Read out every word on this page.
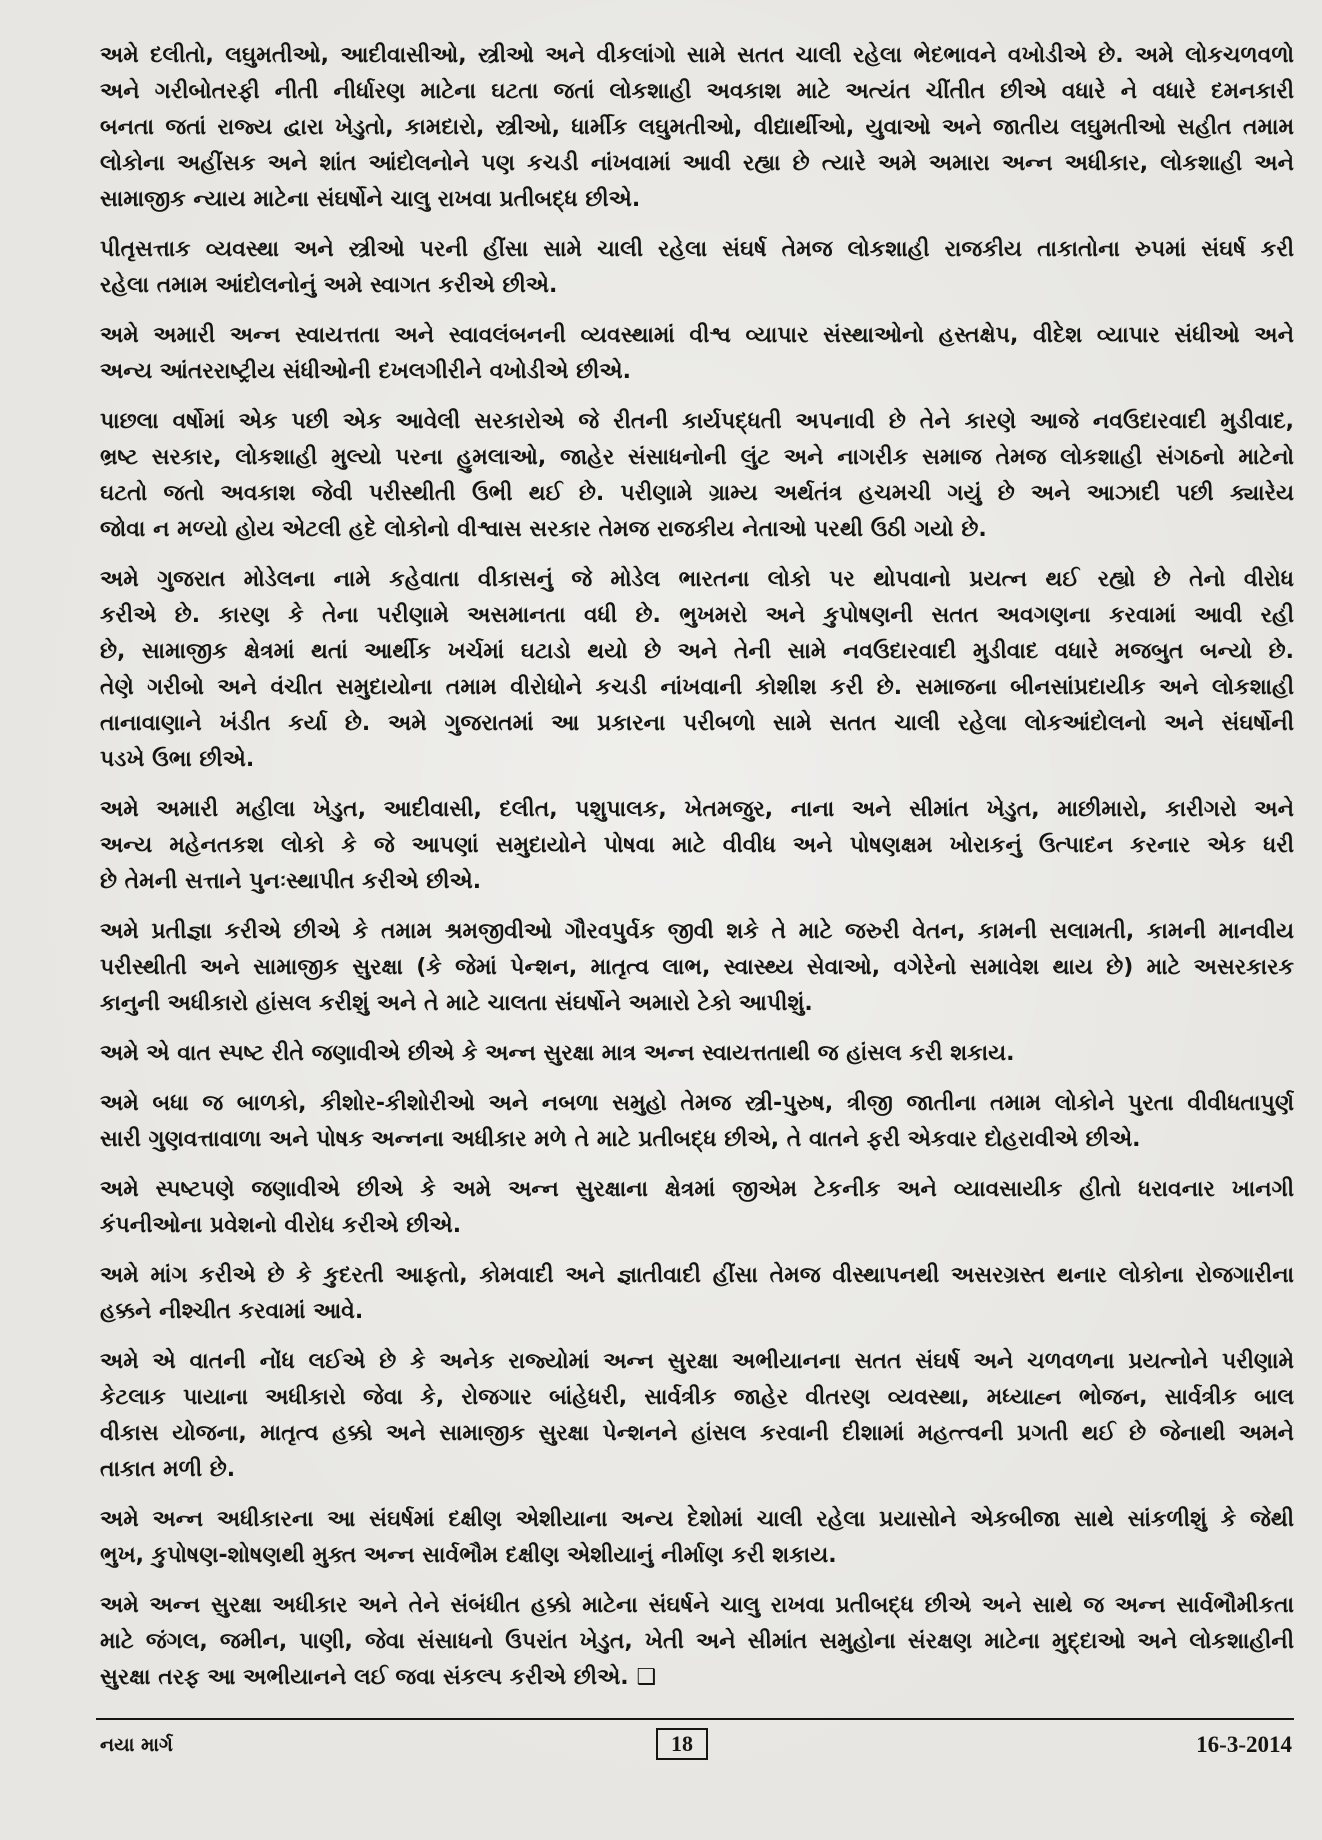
અમે દલીતો, લઘુમતીઓ, આદીવાસીઓ, સ્ત્રીઓ અને વીકલાંગો સામે સતત ચાલી રહેલા ભેદભાવને વખોડીએ છે. અમે લોકચળવળો
અને ગરીબોતરફી નીતી નીર્ધારણ માટેના ઘટતા જતાં લોકશાહી અવકાશ માટે અત્યંત ચીંતીત છીએ વધારે ને વધારે દમનકારી
બનતા જતાં રાજ્ય દ્વારા ખેડુતો, કામદારો, સ્ત્રીઓ, ધાર્મીક લઘુમતીઓ, વીદ્યાર્થીઓ, યુવાઓ અને જાતીય લઘુમતીઓ સહીત તમામ
લોકોના અહીંસક અને શાંત આંદોલનોને પણ કચડી નાંખવામાં આવી રહ્યા છે ત્યારે અમે અમારા અન્ન અધીકાર, લોકશાહી અને
સામાજીક ન્યાય માટેના સંઘર્ષોને ચાલુ રાખવા પ્રતીબદ્ધ છીએ.
પીતૃસત્તાક વ્યવસ્થા અને સ્ત્રીઓ પરની હીંસા સામે ચાલી રહેલા સંઘર્ષ તેમજ લોકશાહી રાજકીય તાકાતોના રુપમાં સંઘર્ષ કરી
રહેલા તમામ આંદોલનોનું અમે સ્વાગત કરીએ છીએ.
અમે અમારી અન્ન સ્વાયત્તતા અને સ્વાવલંબનની વ્યવસ્થામાં વીશ્વ વ્યાપાર સંસ્થાઓનો હસ્તક્ષેપ, વીદેશ વ્યાપાર સંધીઓ અને
અન્ય આંતરરાષ્ટ્રીય સંધીઓની દખલગીરીને વખોડીએ છીએ.
પાછલા વર્ષોમાં એક પછી એક આવેલી સરકારોએ જે રીતની કાર્યપદ્ધતી અપનાવી છે તેને કારણે આજે નવઉદારવાદી મુડીવાદ,
ભ્રષ્ટ સરકાર, લોકશાહી મુલ્યો પરના હુમલાઓ, જાહેર સંસાધનોની લુંટ અને નાગરીક સમાજ તેમજ લોકશાહી સંગઠનો માટેનો
ઘટતો જતો અવકાશ જેવી પરીસ્થીતી ઉભી થઈ છે. પરીણામે ગ્રામ્ય અર્થતંત્ર હચમચી ગયું છે અને આઝાદી પછી ક્યારેય
જોવા ન મળ્યો હોય એટલી હદે લોકોનો વીશ્વાસ સરકાર તેમજ રાજકીય નેતાઓ પરથી ઉઠી ગયો છે.
અમે ગુજરાત મોડેલના નામે કહેવાતા વીકાસનું જે મોડેલ ભારતના લોકો પર થોપવાનો પ્રયત્ન થઈ રહ્યો છે તેનો વીરોધ
કરીએ છે. કારણ કે તેના પરીણામે અસમાનતા વધી છે. ભુખમરો અને કુપોષણની સતત અવગણના કરવામાં આવી રહી
છે, સામાજીક ક્ષેત્રમાં થતાં આર્થીક ખર્ચમાં ઘટાડો થયો છે અને તેની સામે નવઉદારવાદી મુડીવાદ વધારે મજબુત બન્યો છે.
તેણે ગરીબો અને વંચીત સમુદાયોના તમામ વીરોધોને કચડી નાંખવાની કોશીશ કરી છે. સમાજના બીનસાંપ્રદાયીક અને લોકશાહી
તાનાવાણાને ખંડીત કર્યા છે. અમે ગુજરાતમાં આ પ્રકારના પરીબળો સામે સતત ચાલી રહેલા લોકઆંદોલનો અને સંઘર્ષોની
પડખે ઉભા છીએ.
અમે અમારી મહીલા ખેડુત, આદીવાસી, દલીત, પશુપાલક, ખેતમજુર, નાના અને સીમાંત ખેડુત, માછીમારો, કારીગરો અને
અન્ય મહેનતકશ લોકો કે જે આપણાં સમુદાયોને પોષવા માટે વીવીધ અને પોષણક્ષમ ખોરાકનું ઉત્પાદન કરનાર એક ધરી
છે તેમની સત્તાને પુનઃસ્થાપીત કરીએ છીએ.
અમે પ્રતીજ્ઞા કરીએ છીએ કે તમામ શ્રમજીવીઓ ગૌરવપુર્વક જીવી શકે તે માટે જરુરી વેતન, કામની સલામતી, કામની માનવીય
પરીસ્થીતી અને સામાજીક સુરક્ષા (કે જેમાં પેન્શન, માતૃત્વ લાભ, સ્વાસ્થ્ય સેવાઓ, વગેરેનો સમાવેશ થાય છે) માટે અસરકારક
કાનુની અધીકારો હાંસલ કરીશું અને તે માટે ચાલતા સંઘર્ષોને અમારો ટેકો આપીશું.
અમે એ વાત સ્પષ્ટ રીતે જણાવીએ છીએ કે અન્ન સુરક્ષા માત્ર અન્ન સ્વાયત્તતાથી જ હાંસલ કરી શકાય.
અમે બધા જ બાળકો, કીશોર-કીશોરીઓ અને નબળા સમુહો તેમજ સ્ત્રી-પુરુષ, ત્રીજી જાતીના તમામ લોકોને પુરતા વીવીધતાપુર્ણ
સારી ગુણવત્તાવાળા અને પોષક અન્નના અધીકાર મળે તે માટે પ્રતીબદ્ધ છીએ, તે વાતને ફરી એકવાર દોહરાવીએ છીએ.
અમે સ્પષ્ટપણે જણાવીએ છીએ કે અમે અન્ન સુરક્ષાના ક્ષેત્રમાં જીએમ ટેકનીક અને વ્યાવસાયીક હીતો ધરાવનાર ખાનગી
કંપનીઓના પ્રવેશનો વીરોધ કરીએ છીએ.
અમે માંગ કરીએ છે કે કુદરતી આફતો, કોમવાદી અને જ્ઞાતીવાદી હીંસા તેમજ વીસ્થાપનથી અસરગ્રસ્ત થનાર લોકોના રોજગારીના
હક્કને નીશ્ચીત કરવામાં આવે.
અમે એ વાતની નોંધ લઈએ છે કે અનેક રાજ્યોમાં અન્ન સુરક્ષા અભીયાનના સતત સંઘર્ષ અને ચળવળના પ્રયત્નોને પરીણામે
કેટલાક પાયાના અધીકારો જેવા કે, રોજગાર બાંહેધરી, સાર્વત્રીક જાહેર વીતરણ વ્યવસ્થા, મધ્યાહ્ન ભોજન, સાર્વત્રીક બાલ
વીકાસ યોજના, માતૃત્વ હક્કો અને સામાજીક સુરક્ષા પેન્શનને હાંસલ કરવાની દીશામાં મહત્ત્વની પ્રગતી થઈ છે જેનાથી અમને
તાકાત મળી છે.
અમે અન્ન અધીકારના આ સંઘર્ષમાં દક્ષીણ એશીયાના અન્ય દેશોમાં ચાલી રહેલા પ્રયાસોને એકબીજા સાથે સાંકળીશું કે જેથી
ભુખ, કુપોષણ-શોષણથી મુક્ત અન્ન સાર્વભૌમ દક્ષીણ એશીયાનું નીર્માણ કરી શકાય.
અમે અન્ન સુરક્ષા અધીકાર અને તેને સંબંધીત હક્કો માટેના સંઘર્ષને ચાલુ રાખવા પ્રતીબદ્ધ છીએ અને સાથે જ અન્ન સાર્વભૌમીકતા
માટે જંગલ, જમીન, પાણી, જેવા સંસાધનો ઉપરાંત ખેડુત, ખેતી અને સીમાંત સમુહોના સંરક્ષણ માટેના મુદ્દાઓ અને લોકશાહીની
સુરક્ષા તરફ આ અભીયાનને લઈ જવા સંકલ્પ કરીએ છીએ. ❑
નયા માર્ગ	18	16-3-2014
